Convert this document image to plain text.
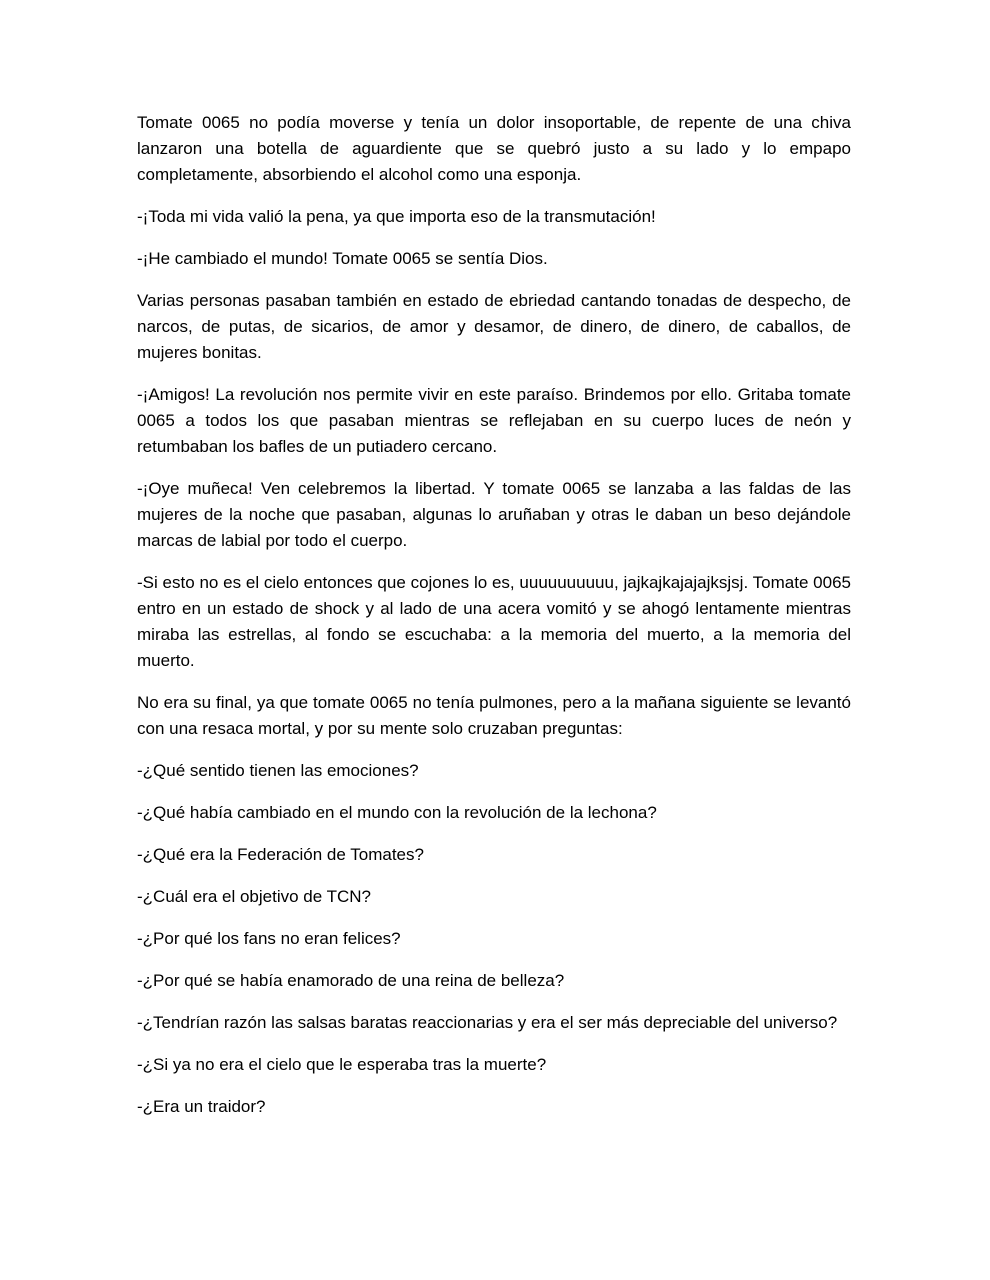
Tomate 0065 no podía moverse y tenía un dolor insoportable, de repente de una chiva lanzaron una botella de aguardiente que se quebró justo a su lado y lo empapo completamente, absorbiendo el alcohol como una esponja.

-¡Toda mi vida valió la pena, ya que importa eso de la transmutación!

-¡He cambiado el mundo! Tomate 0065 se sentía Dios.

Varias personas pasaban también en estado de ebriedad cantando tonadas de despecho, de narcos, de putas, de sicarios, de amor y desamor, de dinero, de dinero, de caballos, de mujeres bonitas.

-¡Amigos! La revolución nos permite vivir en este paraíso. Brindemos por ello. Gritaba tomate 0065 a todos los que pasaban mientras se reflejaban en su cuerpo luces de neón y retumbaban los bafles de un putiadero cercano.

-¡Oye muñeca! Ven celebremos la libertad. Y tomate 0065 se lanzaba a las faldas de las mujeres de la noche que pasaban, algunas lo aruñaban y otras le daban un beso dejándole marcas de labial por todo el cuerpo.

-Si esto no es el cielo entonces que cojones lo es, uuuuuuuuuu, jajkajkajajajksjsj. Tomate 0065 entro en un estado de shock y al lado de una acera vomitó y se ahogó lentamente mientras miraba las estrellas, al fondo se escuchaba: a la memoria del muerto, a la memoria del muerto.

No era su final, ya que tomate 0065 no tenía pulmones, pero a la mañana siguiente se levantó con una resaca mortal, y por su mente solo cruzaban preguntas:

-¿Qué sentido tienen las emociones?

-¿Qué había cambiado en el mundo con la revolución de la lechona?

-¿Qué era la Federación de Tomates?

-¿Cuál era el objetivo de TCN?

-¿Por qué los fans no eran felices?

-¿Por qué se había enamorado de una reina de belleza?

-¿Tendrían razón las salsas baratas reaccionarias y era el ser más depreciable del universo?

-¿Si ya no era el cielo que le esperaba tras la muerte?

-¿Era un traidor?
